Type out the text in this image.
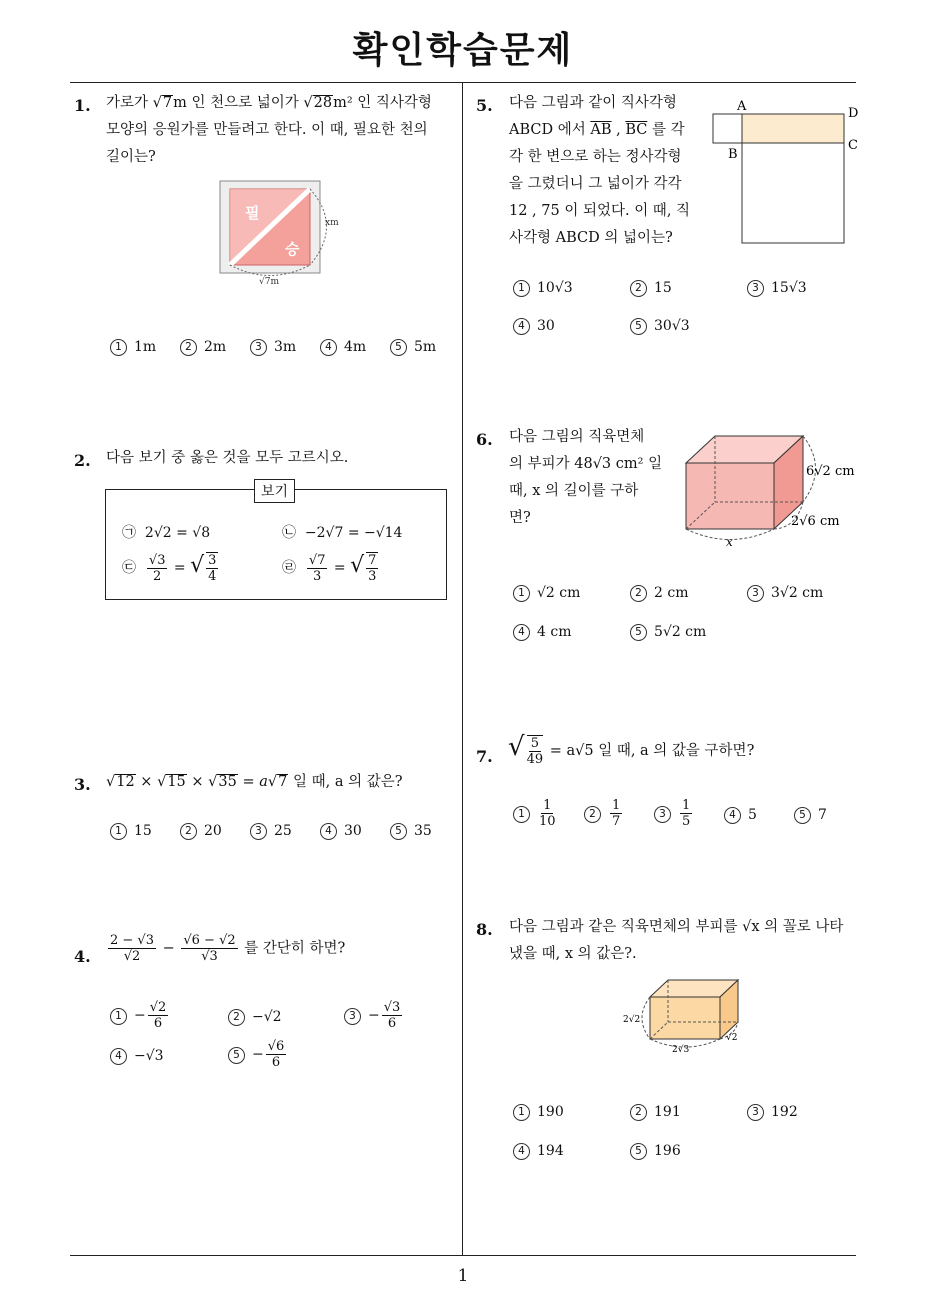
확인학습문제
1
1. 가로가 √7m 인 천으로 넓이가 √28m² 인 직사각형
모양의 응원가를 만들려고 한다. 이 때, 필요한 천의
길이는?
필
승
xm
√7m
1 1m	2 2m	3 3m	4 4m	5 5m
2. 다음 보기 중 옳은 것을 모두 고르시오.
보기
㉠ 2√2 = √8	㉡ −2√7 = −√14
㉢ $\frac{√3}{2}$ = √ $\frac{3}{4}$	㉣ $\frac{√7}{3}$ = √ $\frac{7}{3}$
3. √12 × √15 × √35 = a√7 일 때, a 의 값은?
1 15	2 20	3 25	4 30	5 35
4. $\frac{2 - √3}{√2} - \frac{√6 - √2}{√3}$ 를 간단히 하면?
$1 - \frac{√2}{6}$	2 −√2	$3 - \frac{√3}{6}$
4 −√3	$5 - \frac{√6}{6}$
5. 다음 그림과 같이 직사각형
ABCD 에서 $\overline{AB}$ , $\overline{BC}$ 를 각
각 한 변으로 하는 정사각형
을 그렸더니 그 넓이가 각각
12 , 75 이 되었다. 이 때, 직
사각형 ABCD 의 넓이는?
A
B
C
D
1 10√3	2 15	3 15√3
4 30	5 30√3
6. 다음 그림의 직육면체
의 부피가 48√3 cm² 일
때, x 의 길이를 구하
면?
6√2 cm
2√6 cm
x
1 √2 cm	2 2 cm	3 3√2 cm
4 4 cm	5 5√2 cm
7. √ $\frac{5}{49} = a√5$ 일 때, a 의 값을 구하면?
$1 \frac{1}{10}$	$2 \frac{1}{7}$	$3 \frac{1}{5}$	4 5	5 7
8. 다음 그림과 같은 직육면체의 부피를 √x 의 꼴로 나타
냈을 때, x 의 값은?.
2√2
2√3
√2
1 190	2 191	3 192
4 194	5 196
